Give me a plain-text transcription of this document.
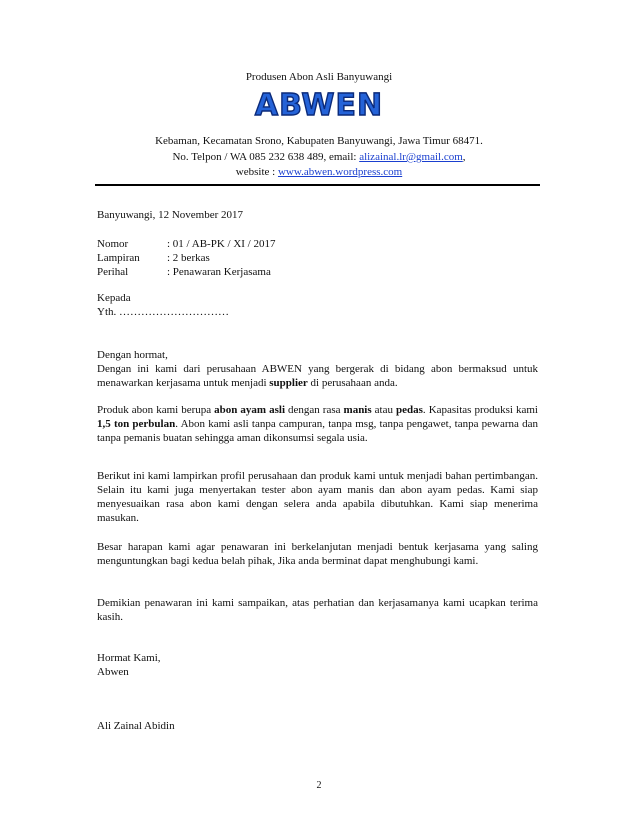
Produsen Abon Asli Banyuwangi
ABWEN
Kebaman, Kecamatan Srono, Kabupaten Banyuwangi, Jawa Timur 68471.
No. Telpon / WA 085 232 638 489, email: alizainal.lr@gmail.com,
website : www.abwen.wordpress.com
Banyuwangi, 12 November 2017
Nomor	: 01 / AB-PK / XI / 2017
Lampiran	: 2 berkas
Perihal	: Penawaran Kerjasama

Kepada

Yth. …………………………

Dengan hormat,

Dengan ini kami dari perusahaan ABWEN yang bergerak di bidang abon bermaksud untuk menawarkan kerjasama untuk menjadi supplier di perusahaan anda.

Produk abon kami berupa abon ayam asli dengan rasa manis atau pedas. Kapasitas produksi kami 1,5 ton perbulan. Abon kami asli tanpa campuran, tanpa msg, tanpa pengawet, tanpa pewarna dan tanpa pemanis buatan sehingga aman dikonsumsi segala usia.

Berikut ini kami lampirkan profil perusahaan dan produk kami untuk menjadi bahan pertimbangan. Selain itu kami juga menyertakan tester abon ayam manis dan abon ayam pedas. Kami siap menyesuaikan rasa abon kami dengan selera anda apabila dibutuhkan. Kami siap menerima masukan.
Besar harapan kami agar penawaran ini berkelanjutan menjadi bentuk kerjasama yang saling menguntungkan bagi kedua belah pihak, Jika anda berminat dapat menghubungi kami.
Demikian penawaran ini kami sampaikan, atas perhatian dan kerjasamanya kami ucapkan terima kasih.

Hormat Kami,

Abwen

Ali Zainal Abidin
2
